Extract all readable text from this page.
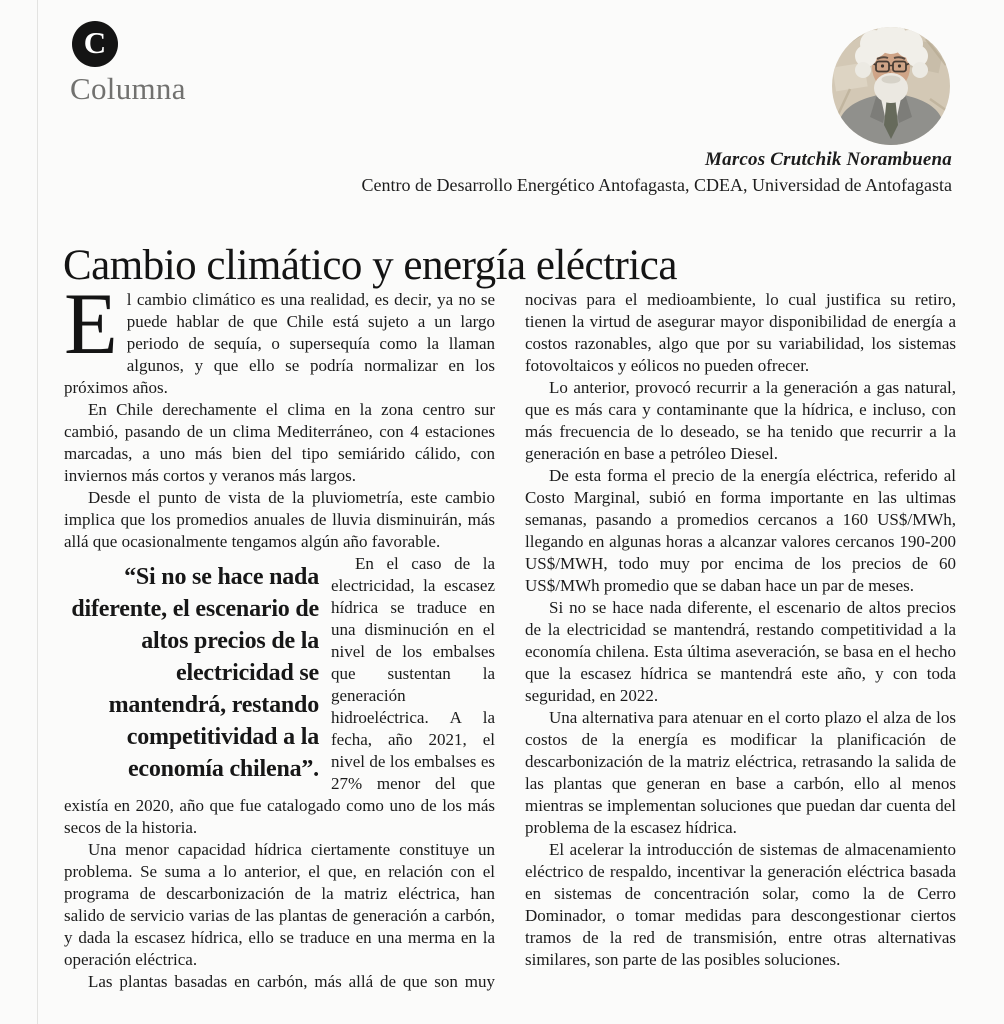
C
Columna
Marcos Crutchik Norambuena
Centro de Desarrollo Energético Antofagasta, CDEA, Universidad de Antofagasta
Cambio climático y energía eléctrica

El cambio climático es una realidad, es decir, ya no se puede hablar de que Chile está sujeto a un largo periodo de sequía, o supersequía como la llaman algunos, y que ello se podría normalizar en los próximos años.

En Chile derechamente el clima en la zona centro sur cambió, pasando de un clima Mediterráneo, con 4 estaciones marcadas, a uno más bien del tipo semiárido cálido, con inviernos más cortos y veranos más largos.

Desde el punto de vista de la pluviometría, este cambio implica que los promedios anuales de lluvia disminuirán, más allá que ocasionalmente tengamos algún año favorable.

“Si no se hace nada diferente, el escenario de altos precios de la electricidad se mantendrá, restando competitividad a la economía chilena”.

En el caso de la electricidad, la escasez hídrica se traduce en una disminución en el nivel de los embalses que sustentan la generación hidroeléctrica. A la fecha, año 2021, el nivel de los embalses es 27% menor del que existía en 2020, año que fue catalogado como uno de los más secos de la historia.

Una menor capacidad hídrica ciertamente constituye un problema. Se suma a lo anterior, el que, en relación con el programa de descarbonización de la matriz eléctrica, han salido de servicio varias de las plantas de generación a carbón, y dada la escasez hídrica, ello se traduce en una merma en la operación eléctrica.

Las plantas basadas en carbón, más allá de que son muy

nocivas para el medioambiente, lo cual justifica su retiro, tienen la virtud de asegurar mayor disponibilidad de energía a costos razonables, algo que por su variabilidad, los sistemas fotovoltaicos y eólicos no pueden ofrecer.

Lo anterior, provocó recurrir a la generación a gas natural, que es más cara y contaminante que la hídrica, e incluso, con más frecuencia de lo deseado, se ha tenido que recurrir a la generación en base a petróleo Diesel.

De esta forma el precio de la energía eléctrica, referido al Costo Marginal, subió en forma importante en las ultimas semanas, pasando a promedios cercanos a 160 US$/MWh, llegando en algunas horas a alcanzar valores cercanos 190-200 US$/MWH, todo muy por encima de los precios de 60 US$/MWh promedio que se daban hace un par de meses.

Si no se hace nada diferente, el escenario de altos precios de la electricidad se mantendrá, restando competitividad a la economía chilena. Esta última aseveración, se basa en el hecho que la escasez hídrica se mantendrá este año, y con toda seguridad, en 2022.

Una alternativa para atenuar en el corto plazo el alza de los costos de la energía es modificar la planificación de descarbonización de la matriz eléctrica, retrasando la salida de las plantas que generan en base a carbón, ello al menos mientras se implementan soluciones que puedan dar cuenta del problema de la escasez hídrica.

El acelerar la introducción de sistemas de almacenamiento eléctrico de respaldo, incentivar la generación eléctrica basada en sistemas de concentración solar, como la de Cerro Dominador, o tomar medidas para descongestionar ciertos tramos de la red de transmisión, entre otras alternativas similares, son parte de las posibles soluciones.
